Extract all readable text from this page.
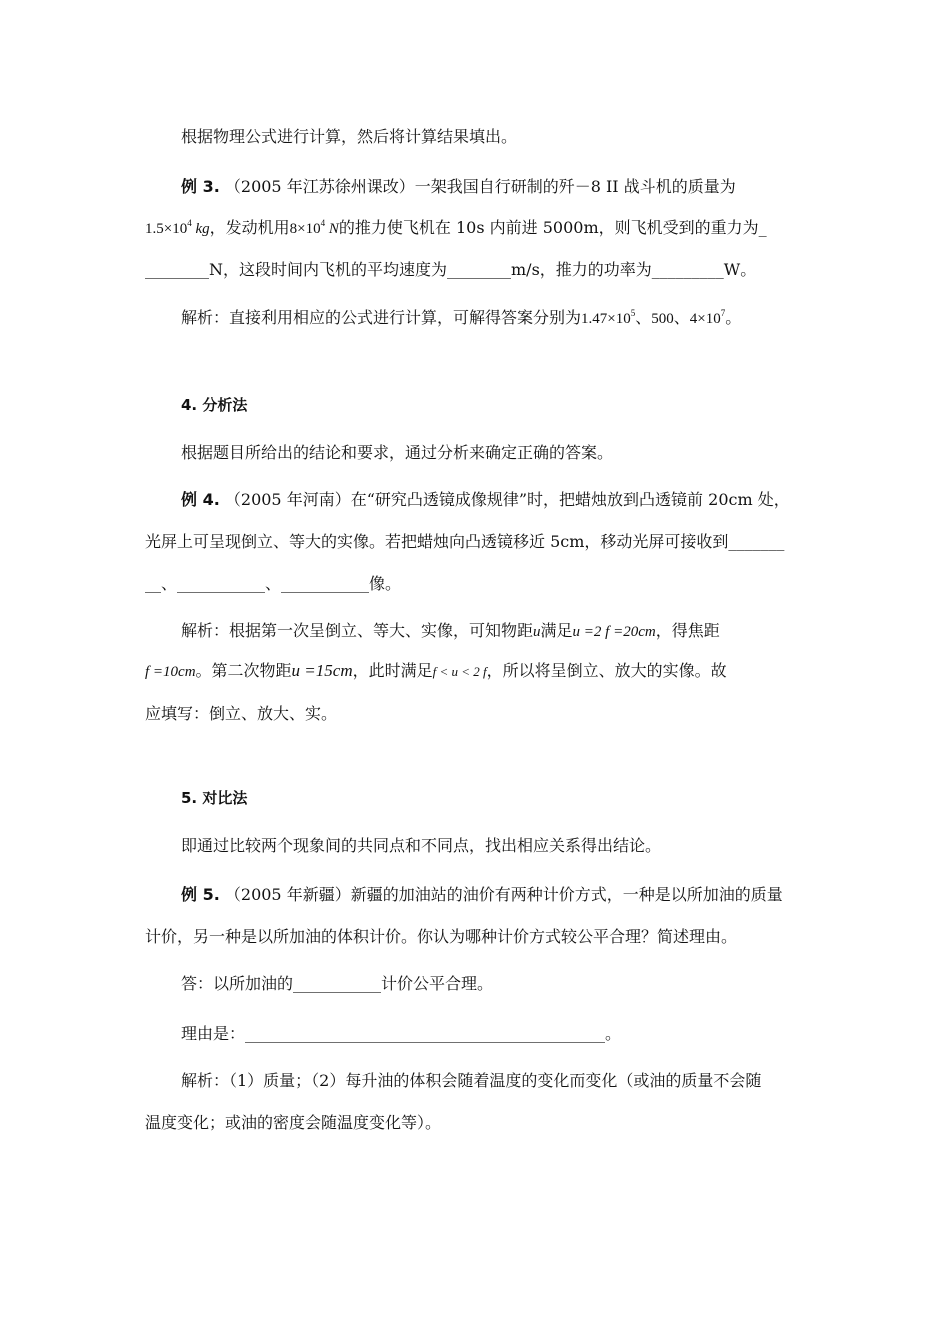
根据物理公式进行计算，然后将计算结果填出。
例 3. （2005 年江苏徐州课改）一架我国自行研制的歼－8 II 战斗机的质量为
$1.5\times 10^4$ kg，发动机用$8\times 10^4$ N的推力使飞机在 10s 内前进 5000m，则飞机受到的重力为_
________N，这段时间内飞机的平均速度为________m/s，推力的功率为_________W。
解析：直接利用相应的公式进行计算，可解得答案分别为$1.47\times 10^5$、500、$4\times 10^7$。
4. 分析法
根据题目所给出的结论和要求，通过分析来确定正确的答案。
例 4. （2005 年河南）在“研究凸透镜成像规律”时，把蜡烛放到凸透镜前 20cm 处，
光屏上可呈现倒立、等大的实像。若把蜡烛向凸透镜移近 5cm，移动光屏可接收到_______
__、___________、___________像。
解析：根据第一次呈倒立、等大、实像，可知物距u满足u =2 f =20cm，得焦距
f =10cm。第二次物距u =15cm，此时满足f < u < 2 f，所以将呈倒立、放大的实像。故
应填写：倒立、放大、实。
5. 对比法
即通过比较两个现象间的共同点和不同点，找出相应关系得出结论。
例 5. （2005 年新疆）新疆的加油站的油价有两种计价方式，一种是以所加油的质量
计价，另一种是以所加油的体积计价。你认为哪种计价方式较公平合理？简述理由。
答：以所加油的___________计价公平合理。
理由是：_____________________________________________。
解析：（1）质量；（2）每升油的体积会随着温度的变化而变化（或油的质量不会随
温度变化；或油的密度会随温度变化等）。
